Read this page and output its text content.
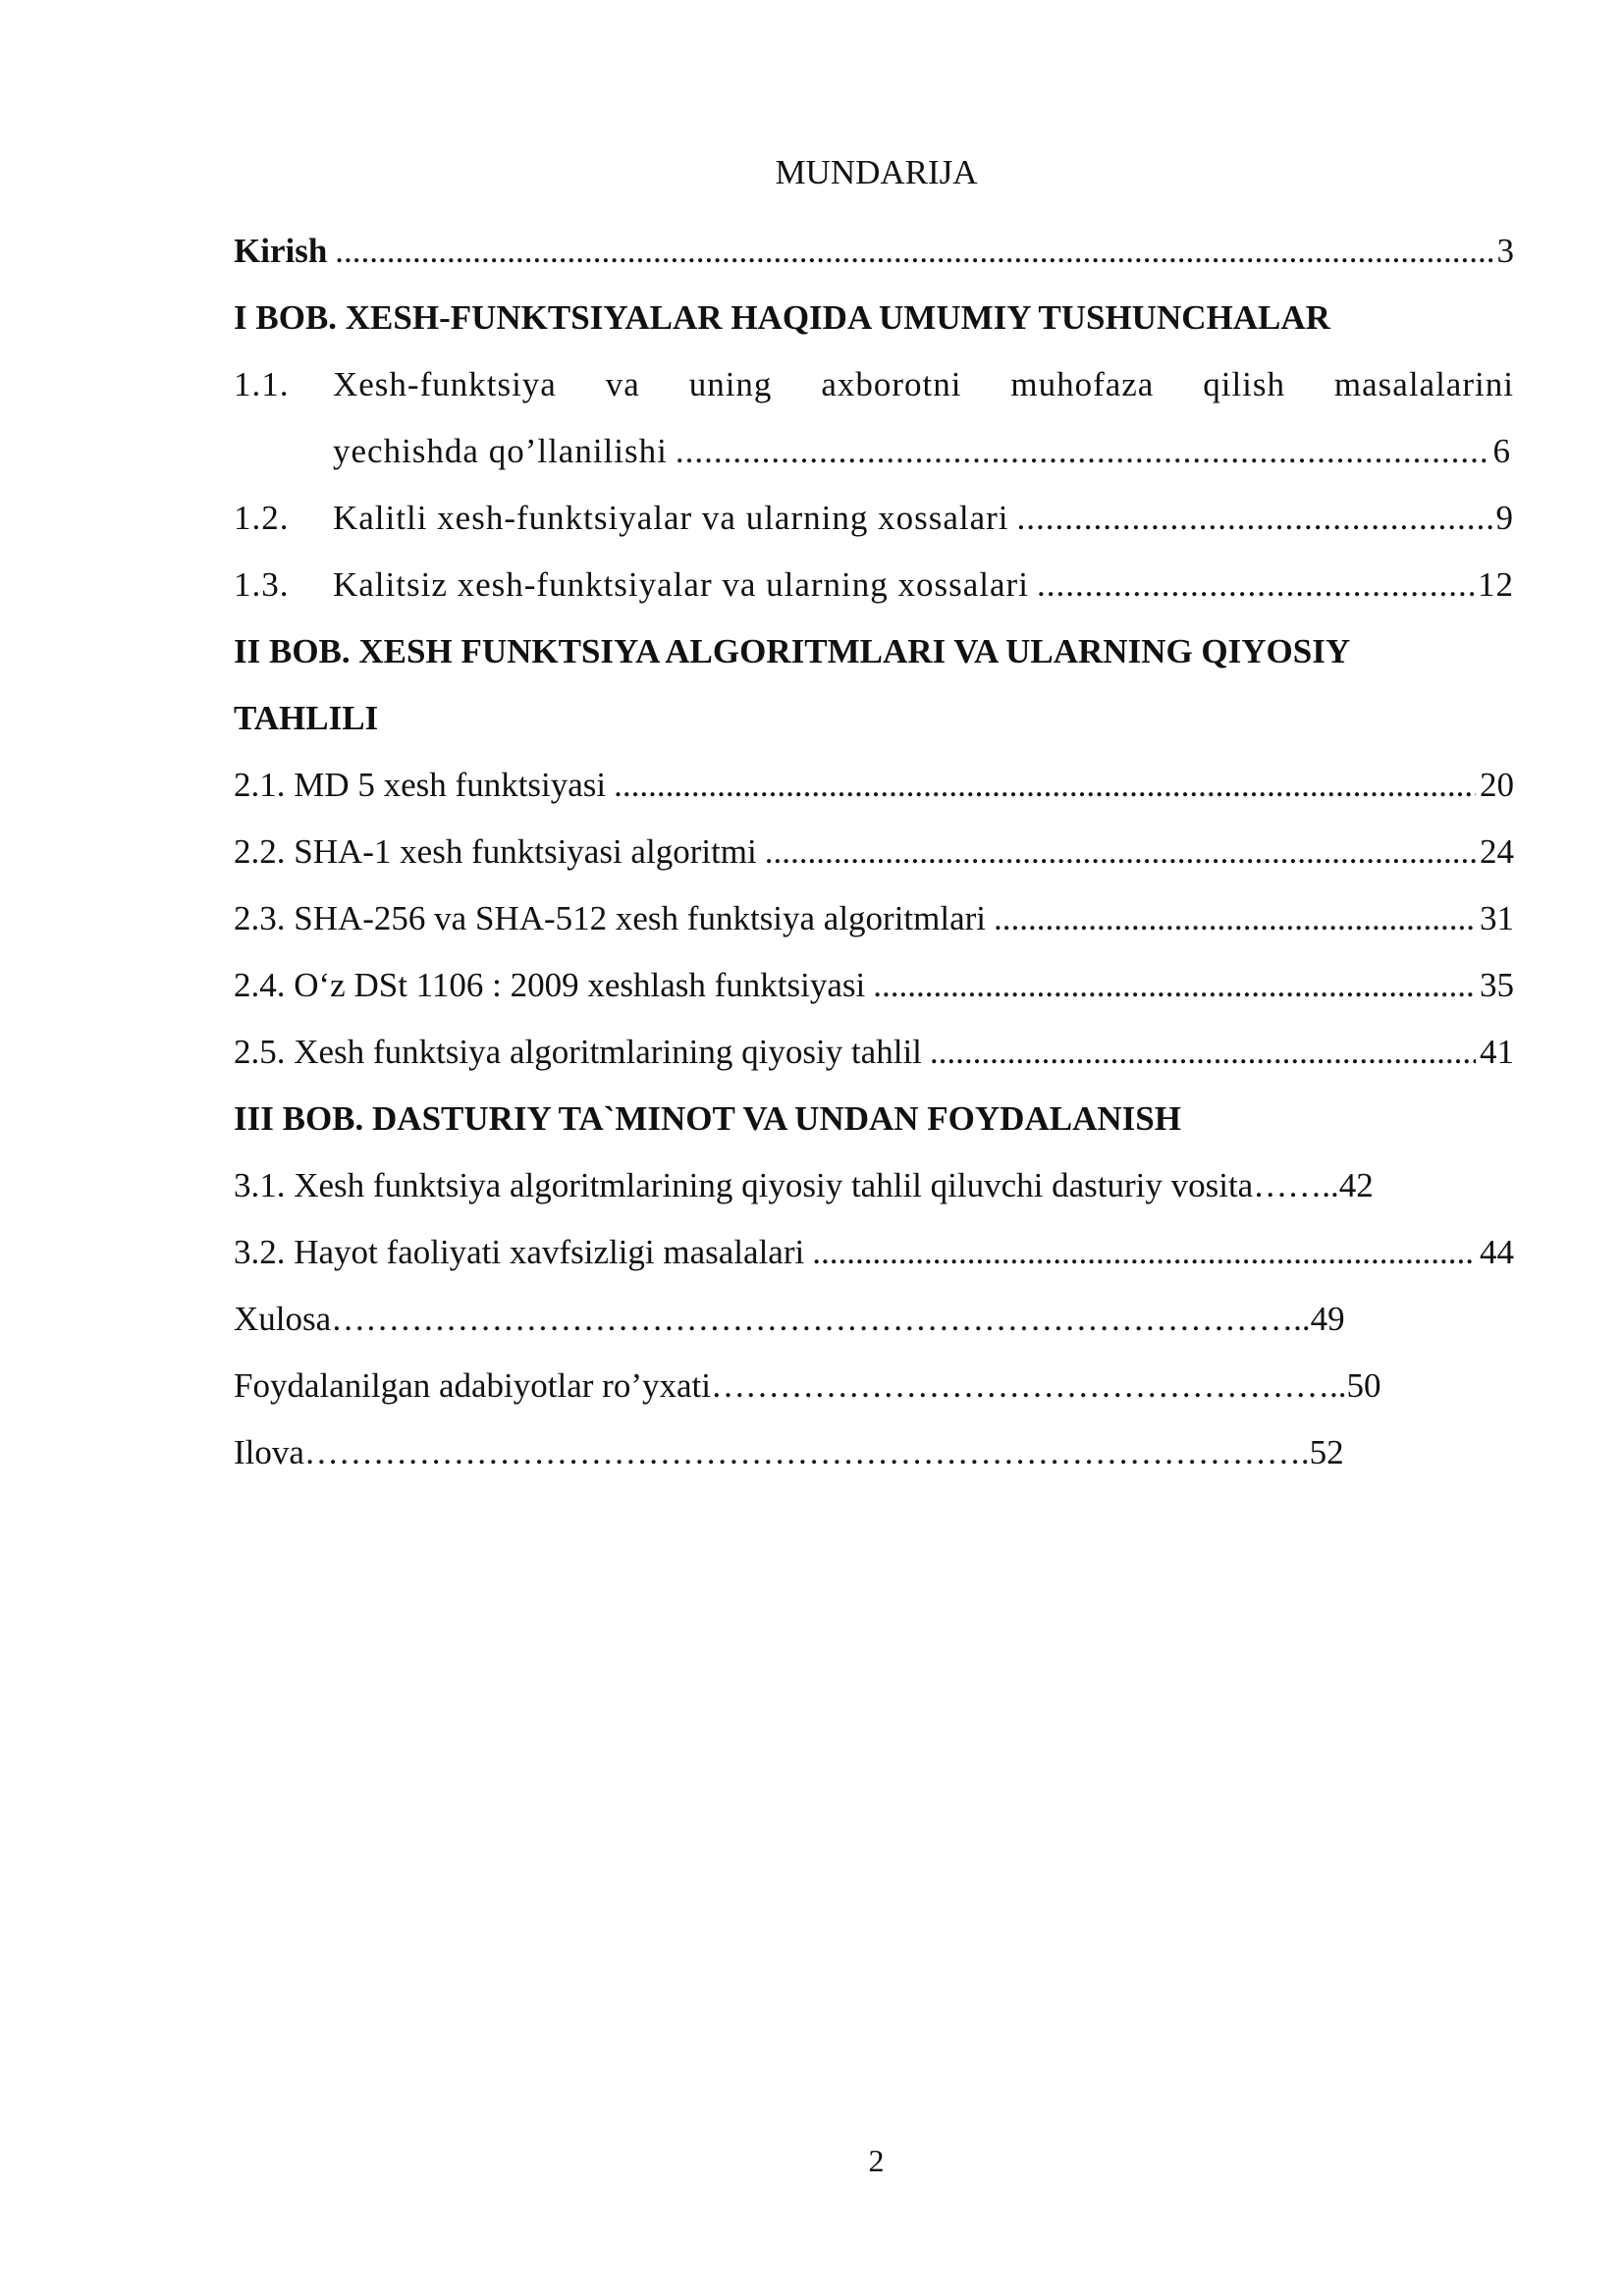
MUNDARIJA
Kirish .....	3
I BOB. XESH-FUNKTSIYALAR HAQIDA UMUMIY TUSHUNCHALAR
1.1.	Xesh-funktsiya va uning axborotni muhofaza qilish masalalarini
yechishda qo’llanilishi .....	6
1.2.	Kalitli xesh-funktsiyalar va ularning xossalari .....	9
1.3.	Kalitsiz xesh-funktsiyalar va ularning xossalari .....	12
II BOB. XESH FUNKTSIYA ALGORITMLARI VA ULARNING QIYOSIY
TAHLILI
2.1. MD 5 xesh funktsiyasi .....	20
2.2. SHA-1 xesh funktsiyasi algoritmi .....	24
2.3. SHA-256 va SHA-512 xesh funktsiya algoritmlari .....	31
2.4. O‘z DSt 1106 : 2009 xeshlash funktsiyasi .....	35
2.5. Xesh funktsiya algoritmlarining qiyosiy tahlil .....	41
III BOB. DASTURIY TA`MINOT VA UNDAN FOYDALANISH
3.1. Xesh funktsiya algoritmlarining qiyosiy tahlil qiluvchi dasturiy vosita…….. 42
3.2. Hayot faoliyati xavfsizligi masalalari .....	44
Xulosa………………………………………………………………………….. 49
Foydalanilgan adabiyotlar ro’yxati……………………………………………….. 50
Ilova……………………………………………………………………………. 52
2
